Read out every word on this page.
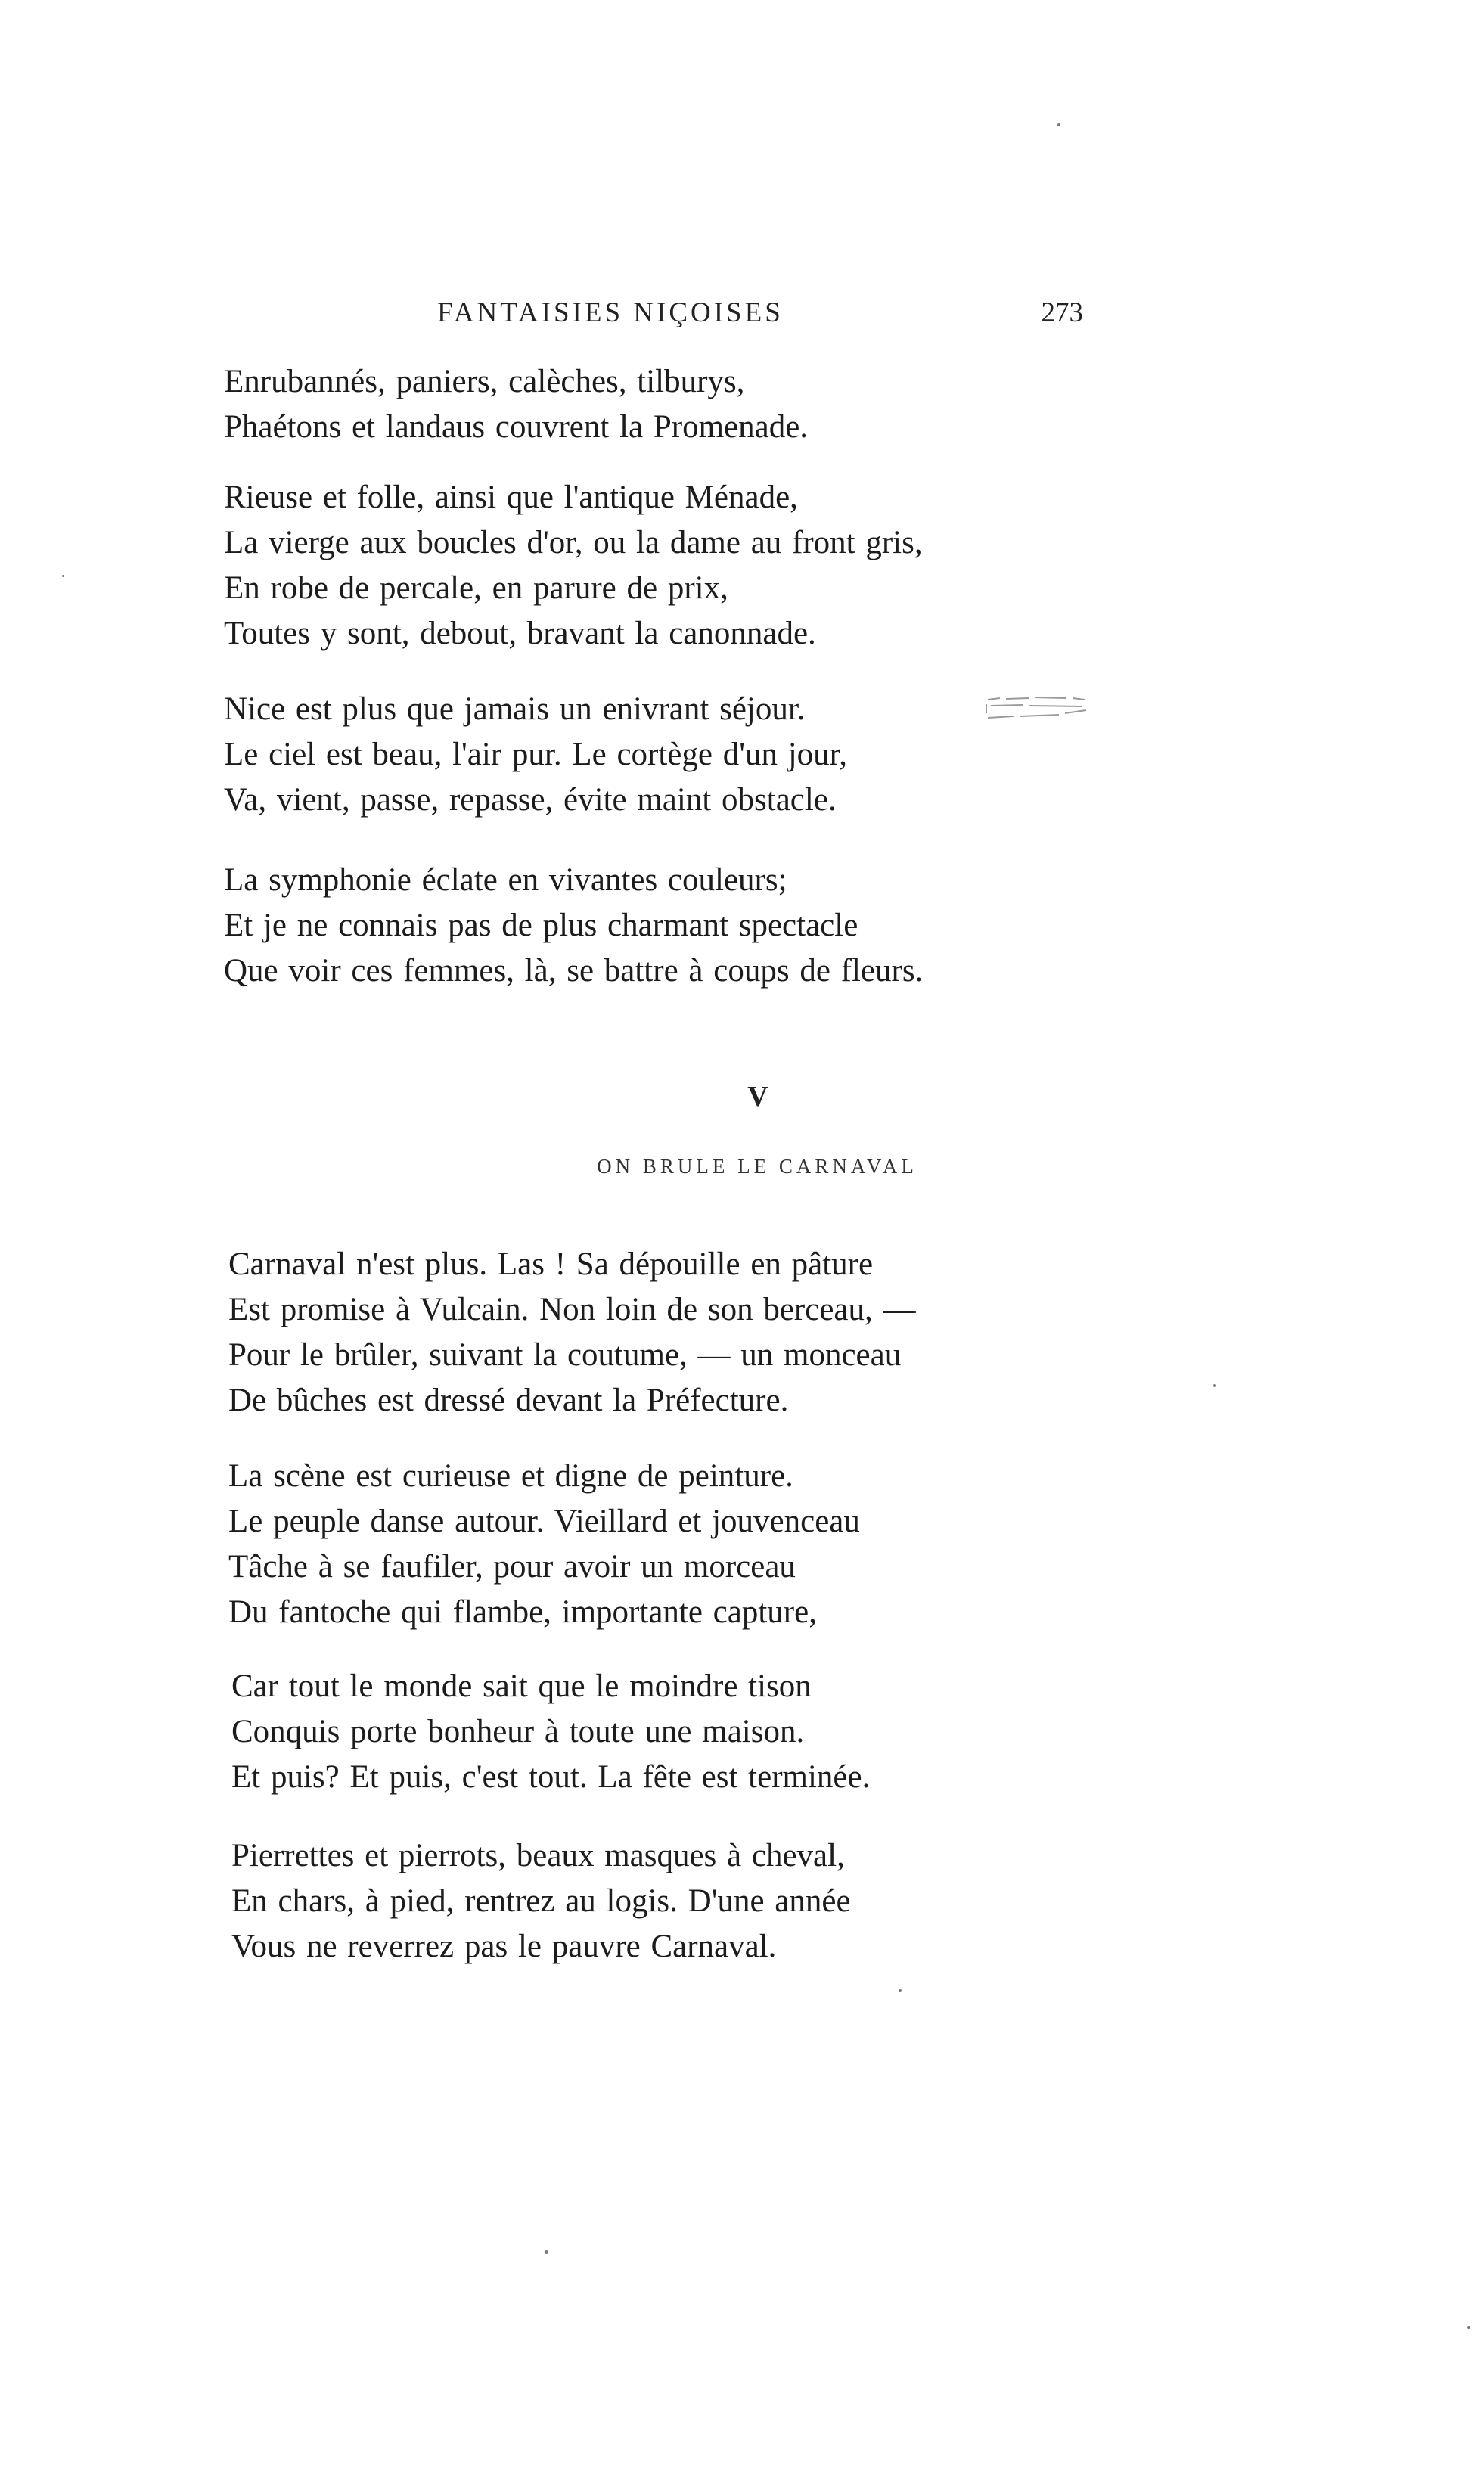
FANTAISIES NIÇOISES	273
Enrubannés, paniers, calèches, tilburys,
Phaétons et landaus couvrent la Promenade.
Rieuse et folle, ainsi que l'antique Ménade,
La vierge aux boucles d'or, ou la dame au front gris,
En robe de percale, en parure de prix,
Toutes y sont, debout, bravant la canonnade.
Nice est plus que jamais un enivrant séjour.
Le ciel est beau, l'air pur. Le cortège d'un jour,
Va, vient, passe, repasse, évite maint obstacle.
La symphonie éclate en vivantes couleurs;
Et je ne connais pas de plus charmant spectacle
Que voir ces femmes, là, se battre à coups de fleurs.
V
ON BRULE LE CARNAVAL
Carnaval n'est plus. Las ! Sa dépouille en pâture
Est promise à Vulcain. Non loin de son berceau, —
Pour le brûler, suivant la coutume, — un monceau
De bûches est dressé devant la Préfecture.
La scène est curieuse et digne de peinture.
Le peuple danse autour. Vieillard et jouvenceau
Tâche à se faufiler, pour avoir un morceau
Du fantoche qui flambe, importante capture,
Car tout le monde sait que le moindre tison
Conquis porte bonheur à toute une maison.
Et puis? Et puis, c'est tout. La fête est terminée.
Pierrettes et pierrots, beaux masques à cheval,
En chars, à pied, rentrez au logis. D'une année
Vous ne reverrez pas le pauvre Carnaval.
